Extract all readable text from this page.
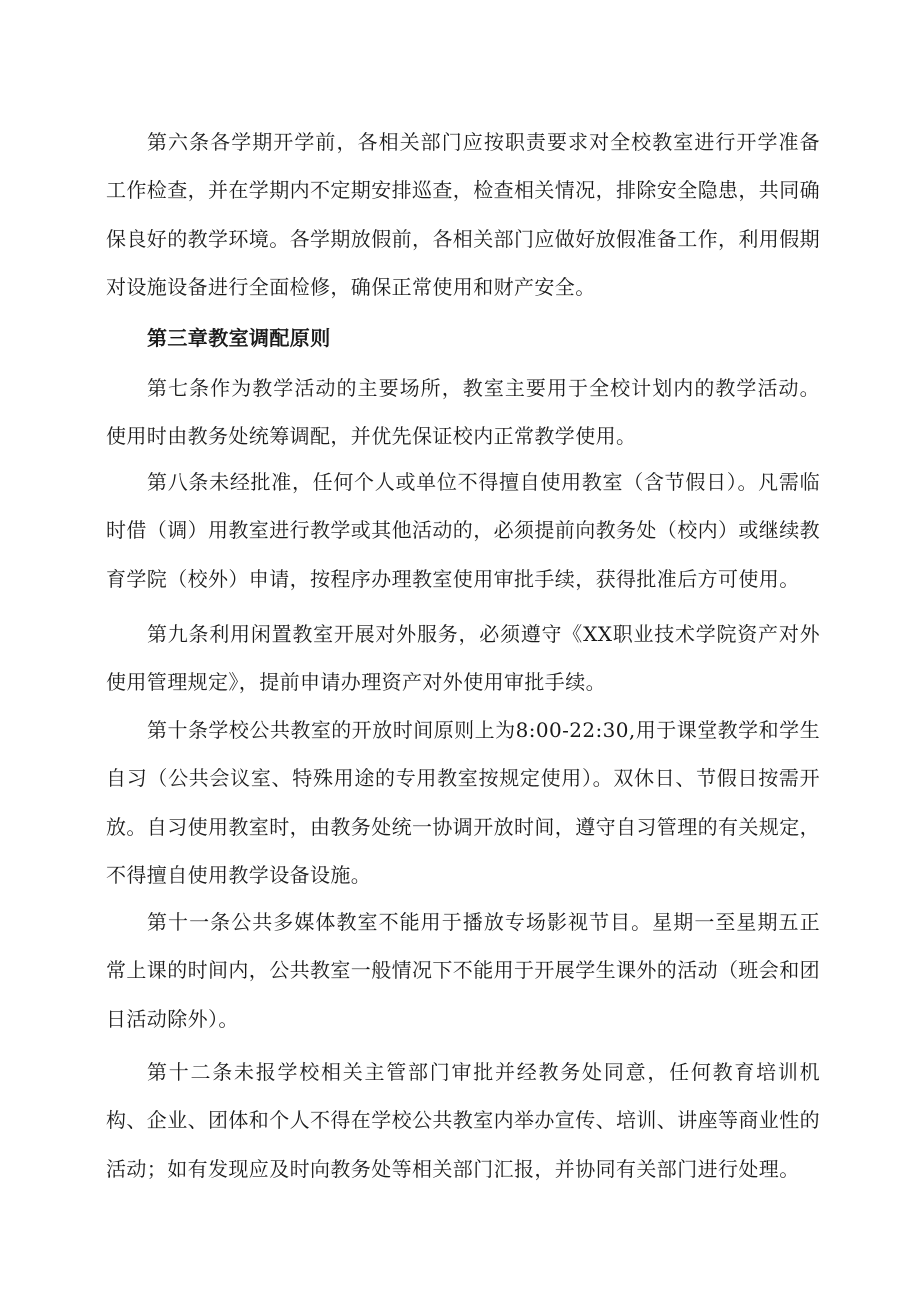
第六条各学期开学前，各相关部门应按职责要求对全校教室进行开学准备工作检查，并在学期内不定期安排巡查，检查相关情况，排除安全隐患，共同确保良好的教学环境。各学期放假前，各相关部门应做好放假准备工作，利用假期对设施设备进行全面检修，确保正常使用和财产安全。

第三章教室调配原则

第七条作为教学活动的主要场所，教室主要用于全校计划内的教学活动。使用时由教务处统筹调配，并优先保证校内正常教学使用。

第八条未经批准，任何个人或单位不得擅自使用教室（含节假日）。凡需临时借（调）用教室进行教学或其他活动的，必须提前向教务处（校内）或继续教育学院（校外）申请，按程序办理教室使用审批手续，获得批准后方可使用。

第九条利用闲置教室开展对外服务，必须遵守《XX职业技术学院资产对外使用管理规定》，提前申请办理资产对外使用审批手续。

第十条学校公共教室的开放时间原则上为8:00-22:30,用于课堂教学和学生自习（公共会议室、特殊用途的专用教室按规定使用）。双休日、节假日按需开放。自习使用教室时，由教务处统一协调开放时间，遵守自习管理的有关规定，不得擅自使用教学设备设施。

第十一条公共多媒体教室不能用于播放专场影视节目。星期一至星期五正常上课的时间内，公共教室一般情况下不能用于开展学生课外的活动（班会和团日活动除外）。

第十二条未报学校相关主管部门审批并经教务处同意，任何教育培训机构、企业、团体和个人不得在学校公共教室内举办宣传、培训、讲座等商业性的活动；如有发现应及时向教务处等相关部门汇报，并协同有关部门进行处理。
